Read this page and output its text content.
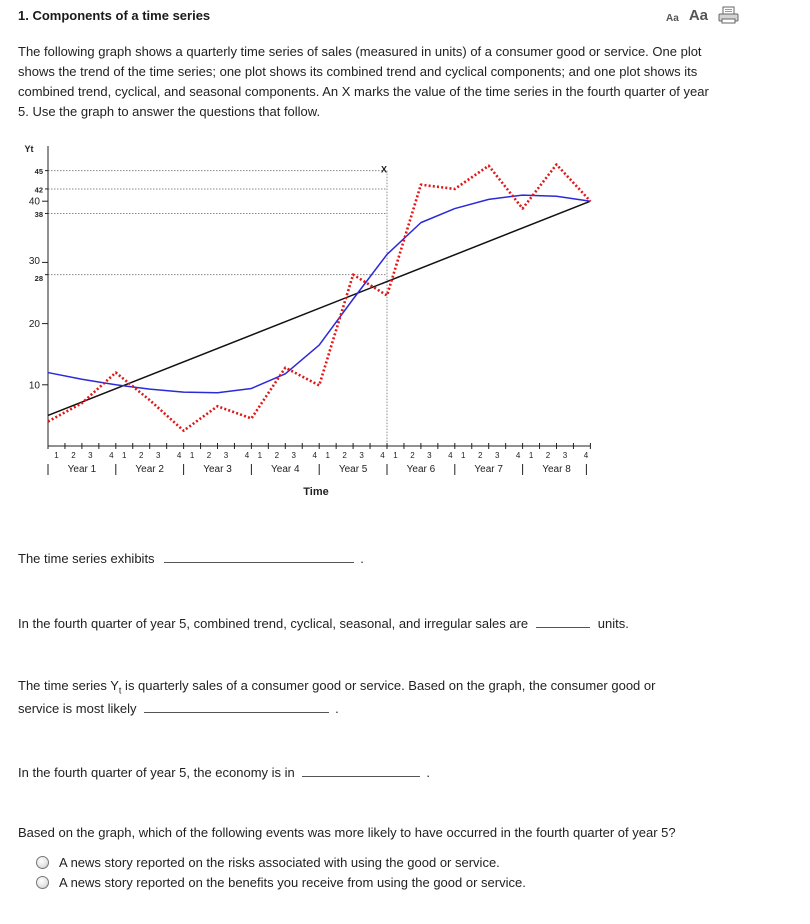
1. Components of a time series	Aa Aa
The following graph shows a quarterly time series of sales (measured in units) of a consumer good or service. One plot shows the trend of the time series; one plot shows its combined trend and cyclical components; and one plot shows its combined trend, cyclical, and seasonal components. An X marks the value of the time series in the fourth quarter of year 5. Use the graph to answer the questions that follow.
Yt
10
20
28
30
38
40
42
45
1 2 3 4
Year 1
1 2 3 4
Year 2
1 2 3 4
Year 3
1 2 3 4
Year 4
1 2 3 4
Year 5
1 2 3 4
Year 6
1 2 3 4
Year 7
1 2 3 4
Year 8
Time
X
The time series exhibits	.
In the fourth quarter of year 5, combined trend, cyclical, seasonal, and irregular sales are	units.
The time series $Y_t$ is quarterly sales of a consumer good or service. Based on the graph, the consumer good or
service is most likely	.
In the fourth quarter of year 5, the economy is in	.
Based on the graph, which of the following events was more likely to have occurred in the fourth quarter of year 5?
A news story reported on the risks associated with using the good or service.
A news story reported on the benefits you receive from using the good or service.
